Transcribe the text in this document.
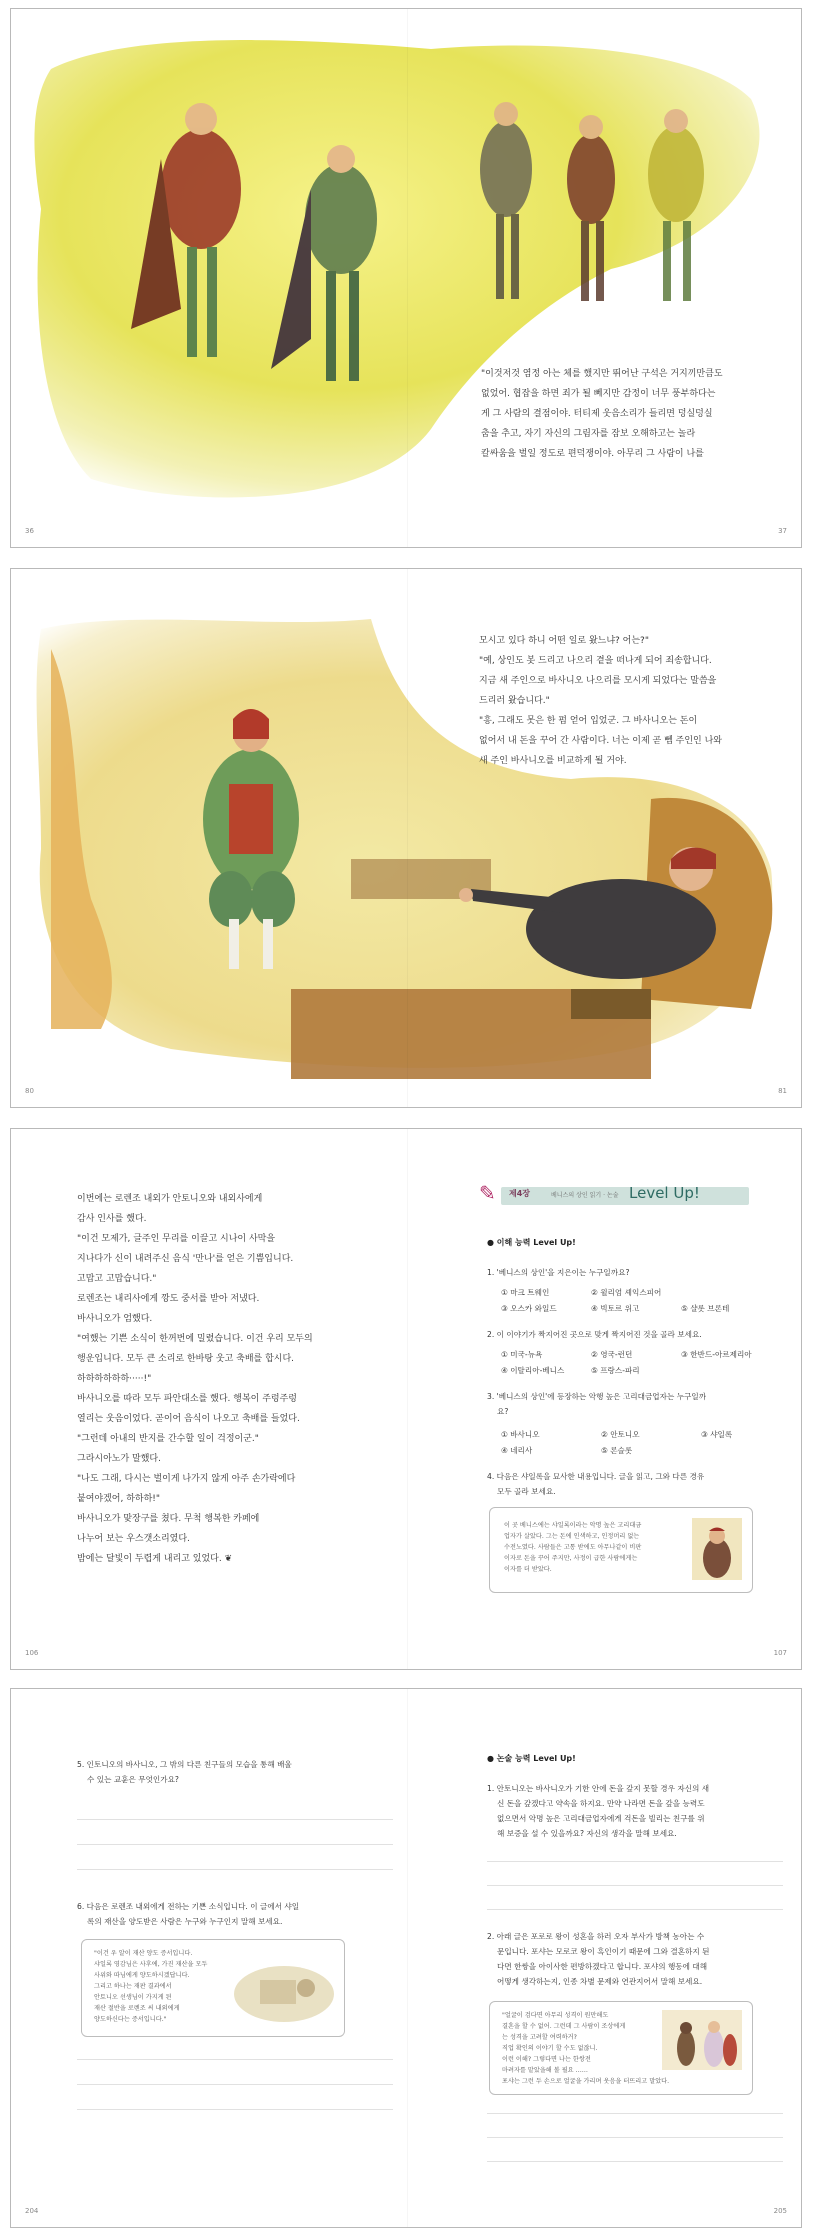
"이것저것 염정 아는 체를 했지만 뛰어난 구석은 거지끼만큼도

없었어. 협잡을 하면 죄가 될 뻬지만 감정이 너무 풍부하다는

게 그 사람의 결점이야. 터티제 웃음소리가 들리면 덩실덩실

춤을 추고, 자기 자신의 그림자를 잠보 오해하고는 놀라

칼싸움을 벌일 정도로 편덕쟁이야. 아무리 그 사람이 나를

36	37

모시고 있다 하니 어떤 일로 왔느냐? 어는?"

"예, 상인도 봇 드리고 나으리 곁을 떠나게 되어 죄송합니다.

지금 새 주인으로 바사니오 나으리를 모시게 되었다는 말씀을

드리러 왔습니다."

"흥, 그래도 못은 한 펌 얻어 입었군. 그 바사니오는 돈이

없어서 내 돈을 꾸어 간 사람이다. 너는 이제 곧 뻼 주인인 나와

새 주인 바사니오를 비교하게 될 거야.

80	81

이번에는 로렌조 내외가 안토니오와 내외사에게

감사 인사를 했다.

"이건 모제가, 글주인 무리를 이끌고 시나이 사막을

지나다가 신이 내려주신 음식 '만나'를 얻은 기쁨입니다.

고맙고 고맙습니다."

로렌조는 내리사에게 깡도 중서를 받아 저냈다.

바사니오가 엄했다.

"여했는 기쁜 소식이 한꺼번에 밀렸습니다. 이건 우리 모두의

행운입니다. 모두 큰 소리로 한바탕 웃고 축배를 합시다.

하하하하하하·····!"

바사니오를 따라 모두 파안대소를 했다. 행복이 주렁주렁

열리는 웃음이었다. 곧이어 음식이 나오고 축배를 들었다.

"그런데 아내의 반지를 간수할 일이 걱정이군."

그라시아노가 말했다.

"나도 그래, 다시는 벌이게 나가지 않게 아주 손가락에다

붙여야겠어, 하하하!"

바사니오가 맞장구를 쳤다. 무척 행복한 카페에

나누어 보는 우스갯소리였다.

밤에는 달빛이 두렵게 내리고 있었다. ❦

✎ 제4장	베니스의 상인 읽기 · 논술 Level Up!
● 이해 능력 Level Up!
1. '베니스의 상인'을 지은이는 누구일까요?
① 마크 트웨인	② 윌리엄 셰익스피어
③ 오스카 와일드	④ 빅토르 위고	⑤ 샬롯 브론테
2. 이 이야기가 짝지어진 곳으로 맞게 짝지어진 것을 골라 보세요.
① 미국-뉴욕	② 영국-런던	③ 한반드-아르제리아
④ 이탈리아-베니스	⑤ 프랑스-파리
3. '베니스의 상인'에 등장하는 악행 높은 고리대금업자는 누구일까
요?
① 바사니오	② 안토니오	③ 샤일록
④ 네리사	⑤ 론슬롯
4. 다음은 샤일록을 묘사한 내용입니다. 글을 읽고, 그와 다른 경유
모두 골라 보세요.
이 곳 베니스에는 샤일록이라는 악명 높은 고리대금
업자가 살았다. 그는 돈에 인색하고, 인정머리 없는
수전노였다. 사람들은 고통 받에도 아무나같이 비판
이자로 돈을 꾸어 주지만, 사정이 급한 사람에게는
이자를 더 받았다.
106	107
5. 인토니오의 바사니오, 그 밖의 다른 친구들의 모습을 통해 배울
수 있는 교훈은 무엇인가요?
6. 다음은 로렌조 내외에게 전하는 기쁜 소식입니다. 이 글에서 샤일
록의 재산을 양도받은 사람은 누구와 누구인지 말해 보세요.
"이건 우 알이 재산 양도 증서입니다.
샤일록 영감님은 사후에, 가진 재산을 모두
사위와 따님에게 양도하시겠답니다.
그리고 하나는 재판 결과에서
안토니오 선생님이 가지게 된
재산 절반을 로렌조 씨 내외에게
양도하신다는 증서입니다."
● 논술 능력 Level Up!
1. 안토니오는 바사니오가 기한 안에 돈을 갚지 못할 경우 자신의 새
신 돈을 갚겠다고 약속을 하지요. 만약 나라면 돈을 갚을 능력도
없으면서 악명 높은 고리대금업자에게 걱돈을 빌리는 친구를 위
해 보증을 설 수 있을까요? 자신의 생각을 말해 보세요.
2. 아래 글은 포로로 왕이 성혼을 하러 오자 부사가 방책 농아는 수
문입니다. 포샤는 모로코 왕이 흑인이기 때문에 그와 결혼하지 된
다면 한쌍을 아이사한 편방하겠다고 합니다. 포샤의 행동에 대해
어떻게 생각하는지, 인종 차별 문제와 연관지어서 말해 보세요.
"얼굴이 검다면 아무리 성격이 원만해도
결혼을 할 수 없어. 그런데 그 사람이 조상에게
는 성격을 고려할 여력하거?
직업 확인의 이야기 할 수도 없잖니.
이런 이해? 그렇다면 나는 한쌍전
마려자를 맡았을해 볼 필요 ……
포샤는 그런 두 손으로 얼굴을 가리며 웃음을 터뜨리고 말았다.
204	205
